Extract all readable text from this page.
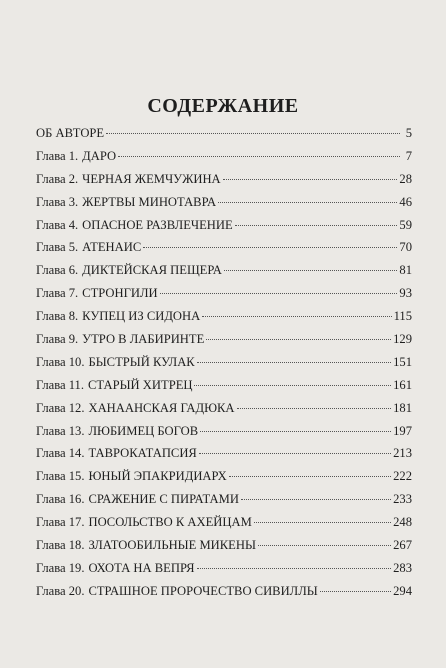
СОДЕРЖАНИЕ
ОБ АВТОРЕ	5
Глава 1. ДАРО	7
Глава 2. ЧЕРНАЯ ЖЕМЧУЖИНА	28
Глава 3. ЖЕРТВЫ МИНОТАВРА	46
Глава 4. ОПАСНОЕ РАЗВЛЕЧЕНИЕ	59
Глава 5. АТЕНАИС	70
Глава 6. ДИКТЕЙСКАЯ ПЕЩЕРА	81
Глава 7. СТРОНГИЛИ	93
Глава 8. КУПЕЦ ИЗ СИДОНА	115
Глава 9. УТРО В ЛАБИРИНТЕ	129
Глава 10. БЫСТРЫЙ КУЛАК	151
Глава 11. СТАРЫЙ ХИТРЕЦ	161
Глава 12. ХАНААНСКАЯ ГАДЮКА	181
Глава 13. ЛЮБИМЕЦ БОГОВ	197
Глава 14. ТАВРОКАТАПСИЯ	213
Глава 15. ЮНЫЙ ЭПАКРИДИАРХ	222
Глава 16. СРАЖЕНИЕ С ПИРАТАМИ	233
Глава 17. ПОСОЛЬСТВО К АХЕЙЦАМ	248
Глава 18. ЗЛАТООБИЛЬНЫЕ МИКЕНЫ	267
Глава 19. ОХОТА НА ВЕПРЯ	283
Глава 20. СТРАШНОЕ ПРОРОЧЕСТВО СИВИЛЛЫ	294
